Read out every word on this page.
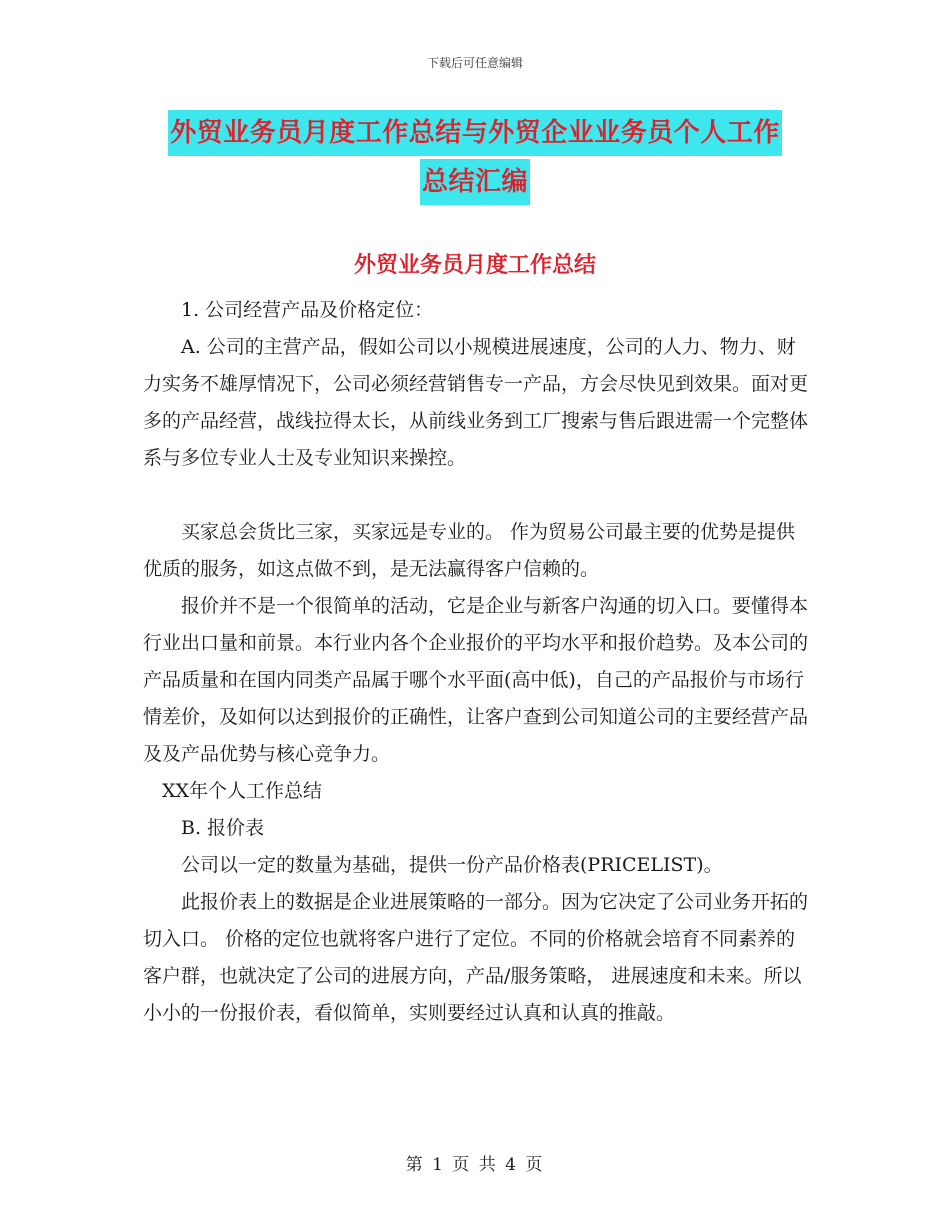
下载后可任意编辑
外贸业务员月度工作总结与外贸企业业务员个人工作
总结汇编
外贸业务员月度工作总结

1. 公司经营产品及价格定位：

A. 公司的主营产品，假如公司以小规模进展速度，公司的人力、物力、财力实务不雄厚情况下，公司必须经营销售专一产品，方会尽快见到效果。面对更多的产品经营，战线拉得太长，从前线业务到工厂搜索与售后跟进需一个完整体系与多位专业人士及专业知识来操控。

买家总会货比三家，买家远是专业的。 作为贸易公司最主要的优势是提供优质的服务，如这点做不到，是无法赢得客户信赖的。

报价并不是一个很简单的活动，它是企业与新客户沟通的切入口。要懂得本行业出口量和前景。本行业内各个企业报价的平均水平和报价趋势。及本公司的产品质量和在国内同类产品属于哪个水平面(高中低)，自己的产品报价与市场行情差价，及如何以达到报价的正确性，让客户查到公司知道公司的主要经营产品及及产品优势与核心竞争力。

XX年个人工作总结

B. 报价表

公司以一定的数量为基础，提供一份产品价格表(PRICELIST)。

此报价表上的数据是企业进展策略的一部分。因为它决定了公司业务开拓的切入口。 价格的定位也就将客户进行了定位。不同的价格就会培育不同素养的客户群，也就决定了公司的进展方向，产品/服务策略， 进展速度和未来。所以小小的一份报价表，看似简单，实则要经过认真和认真的推敲。

第 1 页 共 4 页
